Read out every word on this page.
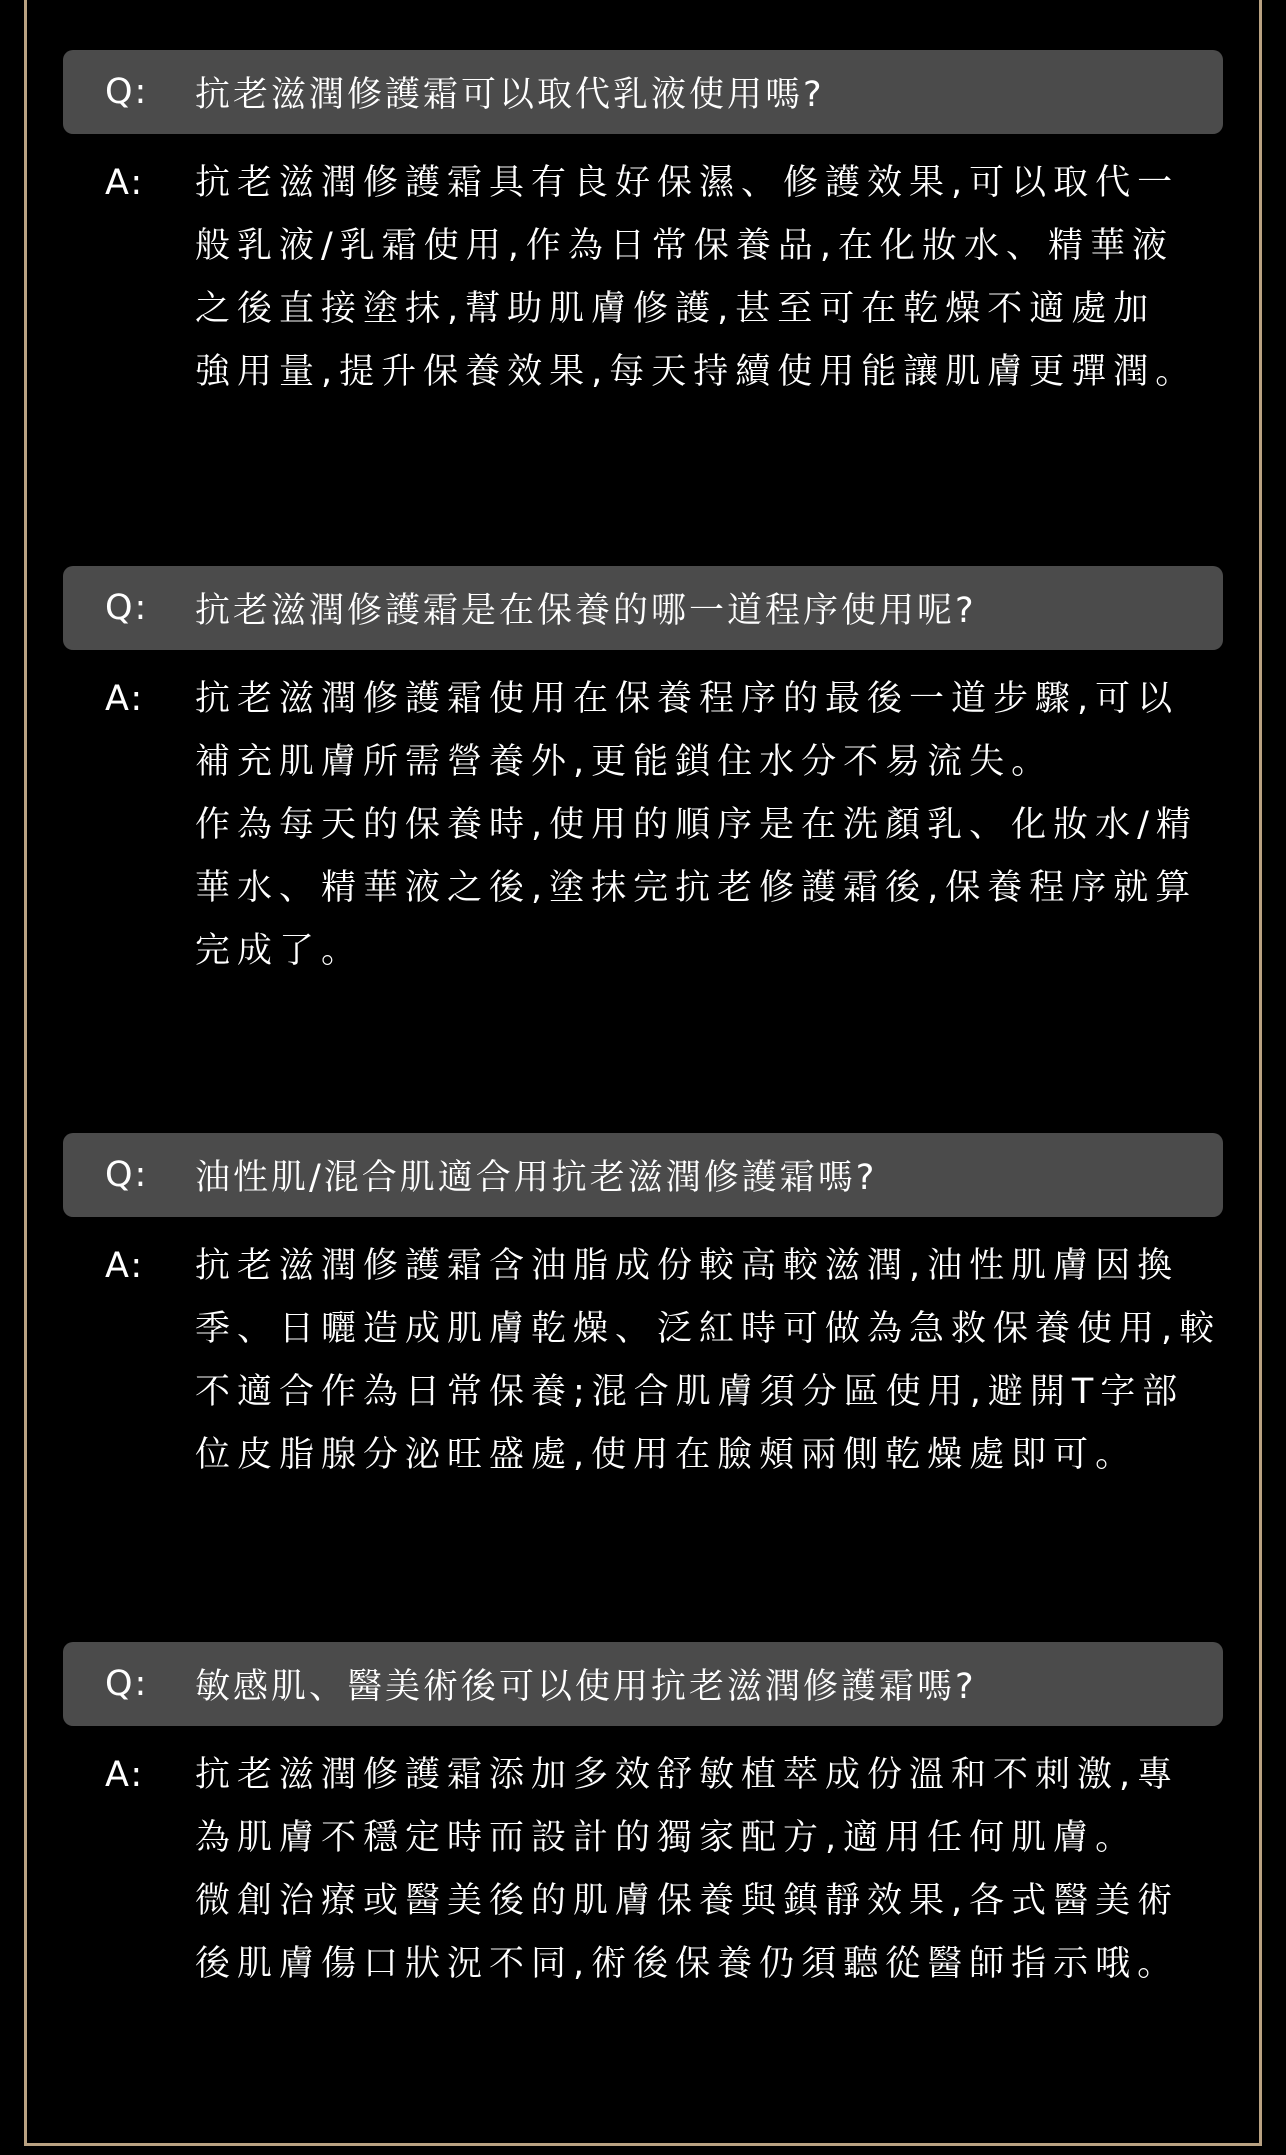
Q:	抗老滋潤修護霜可以取代乳液使用嗎?
A:	抗老滋潤修護霜具有良好保濕、修護效果,可以取代一
般乳液/乳霜使用,作為日常保養品,在化妝水、精華液
之後直接塗抹,幫助肌膚修護,甚至可在乾燥不適處加
強用量,提升保養效果,每天持續使用能讓肌膚更彈潤。
Q:	抗老滋潤修護霜是在保養的哪一道程序使用呢?
A:	抗老滋潤修護霜使用在保養程序的最後一道步驟,可以
補充肌膚所需營養外,更能鎖住水分不易流失。
作為每天的保養時,使用的順序是在洗顏乳、化妝水/精
華水、精華液之後,塗抹完抗老修護霜後,保養程序就算
完成了。
Q:	油性肌/混合肌適合用抗老滋潤修護霜嗎?
A:	抗老滋潤修護霜含油脂成份較高較滋潤,油性肌膚因換
季、日曬造成肌膚乾燥、泛紅時可做為急救保養使用,較
不適合作為日常保養;混合肌膚須分區使用,避開T字部
位皮脂腺分泌旺盛處,使用在臉頰兩側乾燥處即可。
Q:	敏感肌、醫美術後可以使用抗老滋潤修護霜嗎?
A:	抗老滋潤修護霜添加多效舒敏植萃成份溫和不刺激,專
為肌膚不穩定時而設計的獨家配方,適用任何肌膚。
微創治療或醫美後的肌膚保養與鎮靜效果,各式醫美術
後肌膚傷口狀況不同,術後保養仍須聽從醫師指示哦。
